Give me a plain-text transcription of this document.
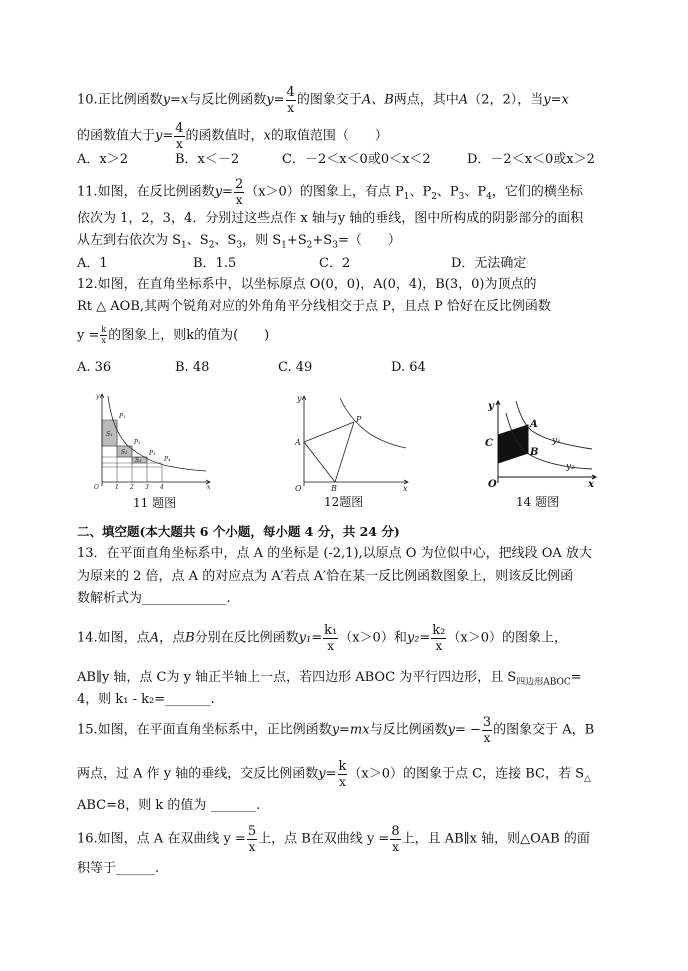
10.正比例函数y=x与反比例函数$y= \frac{4}{x}$ 的图象交于A、B两点，其中A（2，2），当y=x
的函数值大于$y= \frac{4}{x}$ 的函数值时，x的取值范围（　　）
A．x＞2	B．x＜－2	C．－2＜x＜0或0＜x＜2	D．－2＜x＜0或x＞2
11.如图，在反比例函数$y= \frac{2}{x} (x>0)$的图象上，有点 $P_1$、$P_2$、$P_3$、$P_4$，它们的横坐标
依次为 1，2，3，4．分别过这些点作 x 轴与y 轴的垂线，图中所构成的阴影部分的面积
从左到右依次为 $S_1$、$S_2$、$S_3$，则 $S_1+S_2+S_3=$（　　）
A．1	B．1.5	C．2	D．无法确定
12.如图，在直角坐标系中，以坐标原点 O(0，0)，A(0，4)，B(3，0)为顶点的
Rt △ AOB,其两个锐角对应的外角角平分线相交于点 P，且点 P 恰好在反比例函数
$y = \frac{k}{x}$ 的图象上，则k的值为(　　)
A. 36	B. 48	C. 49	D. 64
y
x
O	1 2 3 4
P₁
P₂
P₃
P₄
S₁
S₂
S₃
11 题图
y
x
O
A
B
P
12题图
y
x
O
A
B
C	y₁
y₂
14 题图
二、填空题(本大题共 6 个小题，每小题 4 分，共 24 分)
13．在平面直角坐标系中，点 A 的坐标是 (-2,1),以原点 O 为位似中心，把线段 OA 放大
为原来的 2 倍，点 A 的对应点为 A′若点 A′恰在某一反比例函数图象上，则该反比例函
数解析式为_____________.
14.如图，点A，点B分别在反比例函数$y_1= \frac{\text{k₁}}{x} (x>0)$和$y_2= \frac{\text{k₂}}{x} (x>0)$的图象上，
AB∥y 轴，点 C为 y 轴正半轴上一点，若四边形 ABOC 为平行四边形，且 $S_{四边形ABOC}=$
4，则 k₁ - k₂=_______.
15.如图，在平面直角坐标系中，正比例函数y=mx与反比例函数$y= - \frac{3}{x}$ 的图象交于 A，B
两点，过 A 作 y 轴的垂线，交反比例函数$y= \frac{k}{x} (x>0)$的图象于点 C，连接 BC，若 $S_\triangle$
ABC=8，则 k 的值为 _______.
16.如图，点 A 在双曲线 $y = \frac{5}{x}$ 上，点 B在双曲线 $y = \frac{8}{x}$ 上，且 AB∥x 轴，则△OAB 的面
积等于______.
